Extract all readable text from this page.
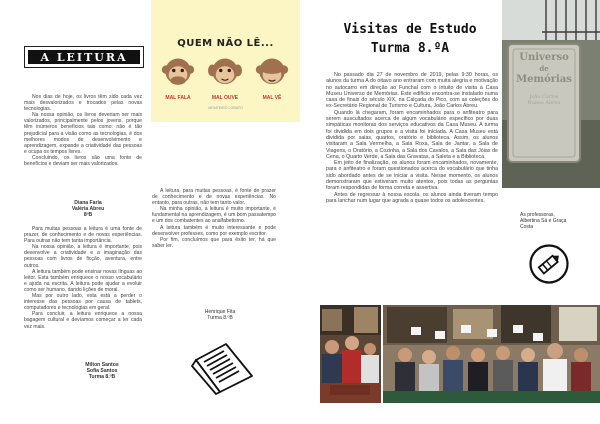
A LEITURA

Nos dias de hoje, os livros têm sido cada vez mais desvalorizados e trocados pelas novas tecnologias.

Na nossa opinião, os livros deveriam ser mais valorizados, principalmente pelos jovens, porque têm inúmeros benefícios tais como: não é tão prejudicial para a visão como as tecnologias, é dos melhores modos de desenvolvimento e aprendizagem, expande a criatividade das pessoas e ocupa os tempos livres.

Concluindo, os livros são uma fonte de benefícios e deviam ser mais valorizados.

Diana Faria

Valéria Abreu

8ºB

Para muitas pessoas a leitura é uma fonte de prazer, de conhecimento e de novas experiências. Para outras não tem tanta importância.

Na nossa opinião, a leitura é importante, pois desenvolve a criatividade e a imaginação das pessoas com livros de ficção, aventura, entre outros.

A leitura também pode ensinar novas línguas ao leitor. Esta também enriquece o nosso vocabulário e ajuda na escrita. A leitura pode ajudar a evoluir como ser humano, dando lições de moral.

Mas por outro lado, esta está a perder o interesse das pessoas por causa de tablets, computadores e tecnologias em geral.

Para concluir, a leitura enriquece a nossa bagagem cultural e devíamos começar a ler cada vez mais.

Milton Santos

Sofia Santos

Turma 8.ºB

QUEM NÃO LÊ...
MAL FALA	MAL OUVE	MAL VÊ
MONTEIRO LOBATO

A leitura, para muitas pessoas, é fonte de prazer de conhecimento e de novas experiências. No entanto, para outras, não tem tanto valor.

Na minha opinião, a leitura é muito importante, é fundamental na aprendizagem, é um bom passatempo e um dos combatentes ao analfabetismo.

A leitura também é muito interessante e pode desenvolver professes, como por exemplo escritor.

Por fim, concluímos que para êxito ter, há que saber ler.

Henrique Fita

Turma 8.ºB

Visitas de Estudo
Turma 8.ºA

No passado dia 27 de novembro de 2019, pelas 9:30 horas, os alunos da turma A do oitavo ano entraram com muita alegria e motivação no autocarro em direção ao Funchal com o intuito de visita a Casa Museu Universo de Memórias. Este edifício encontra-se instalado numa casa de finais do século XIX, na Calçada do Pico, com as coleções do ex-Secretário Regional de Turismo e Cultura, João Carlos Abreu.

Quando lá chegaram, foram encaminhados para o anfiteatro para serem auscultados acerca de algum vocabulário específico por duas simpáticas monitoras dos serviços educativos da Casa Museu. A turma foi dividida em dois grupos e a visita foi iniciada. A Casa Museu está dividida por salas, quartos, oratório e biblioteca. Assim, os alunos visitaram a Sala Vermelha, a Sala Roxa, Sala de Jantar, a Sala de Viagens, o Oratório, a Cozinha, a Sala dos Cavalos, a Sala das Jóias de Cena, o Quarto Verde, a Sala das Gravatas, a Saleta e a Biblioteca.

Em jeito de finalização, os alunos foram encaminhados, novamente, para o anfiteatro e foram questionados acerca do vocabulário que tinha sido abordado antes de se iniciar a visita. Nesse momento, os alunos demonstraram que estiveram muito atentos, pois todas as perguntas foram respondidas de forma correta e assertiva.

Antes de regressar à nossa escola, os alunos ainda tiveram tempo para lanchar num lugar que agrada a quase todos os adolescentes.

Universo
de
Memórias
João Carlos
Nunes Abreu

As professoras,

Albertina Sá e Graça

Costa
